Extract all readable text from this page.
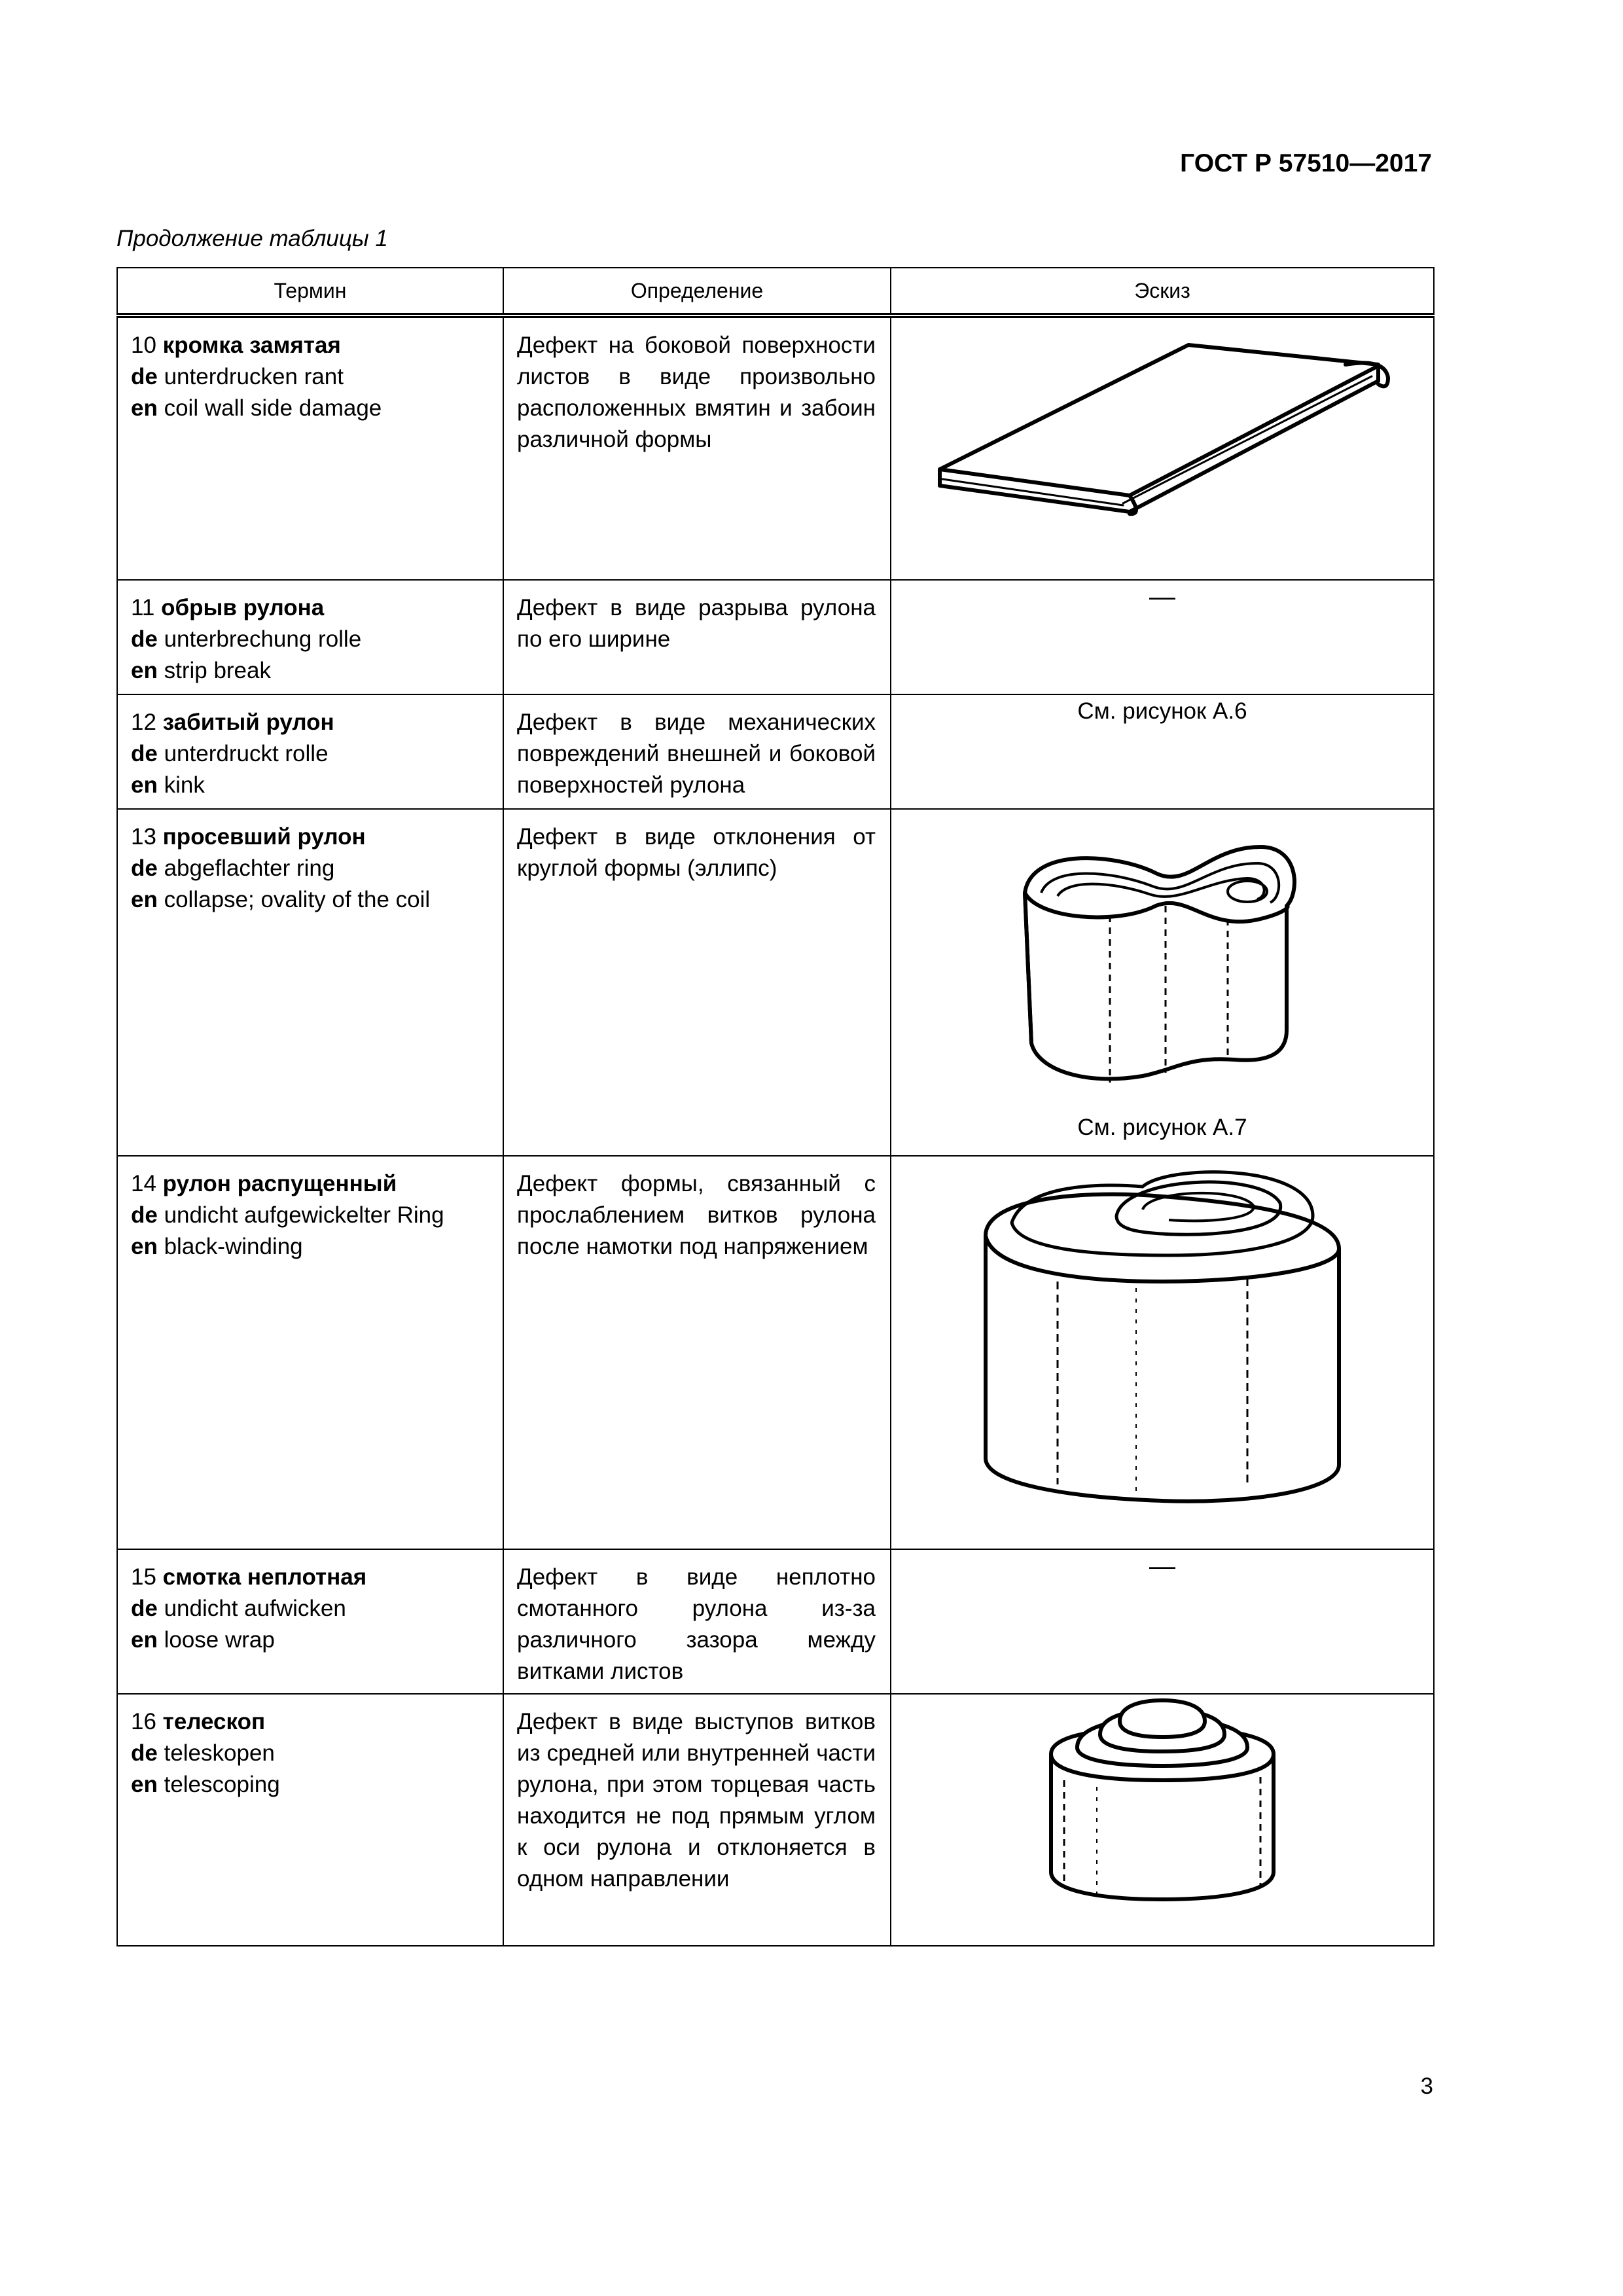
ГОСТ Р 57510—2017
Продолжение таблицы 1
Термин	Определение	Эскиз

10 кромка замятая
de unterdrucken rant
en coil wall side damage	Дефект на боковой поверхности листов в виде произвольно расположенных вмятин и забоин различной формы	

11 обрыв рулона
de unterbrechung rolle
en strip break	Дефект в виде разрыва рулона по его ширине	—

12 забитый рулон
de unterdruckt rolle
en kink	Дефект в виде механических повреждений внешней и боковой поверхностей рулона	См. рисунок А.6

13 просевший рулон
de abgeflachter ring
en collapse; ovality of the coil	Дефект в виде отклонения от круглой формы (эллипс)	См. рисунок А.7

14 рулон распущенный
de undicht aufgewickelter Ring
en black-winding	Дефект формы, связанный с прослаблением витков рулона после намотки под напряжением	

15 смотка неплотная
de undicht aufwicken
en loose wrap	Дефект в виде неплотно смотанного рулона из-за различного зазора между витками листов	—

16 телескоп
de teleskopen
en telescoping	Дефект в виде выступов витков из средней или внутренней части рулона, при этом торцевая часть находится не под прямым углом к оси рулона и отклоняется в одном направлении	
3
